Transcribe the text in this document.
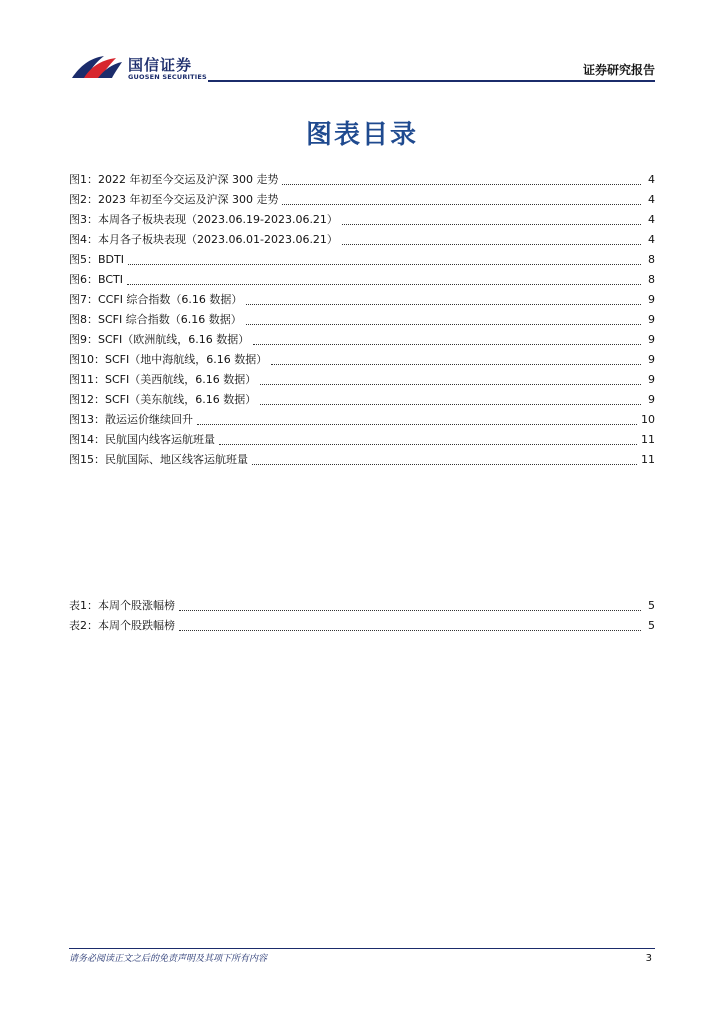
国信证券
GUOSEN SECURITIES	证券研究报告
图表目录
图1： 2022 年初至今交运及沪深 300 走势	4
图2： 2023 年初至今交运及沪深 300 走势	4
图3： 本周各子板块表现（2023.06.19-2023.06.21）	4
图4： 本月各子板块表现（2023.06.01-2023.06.21）	4
图5： BDTI	8
图6： BCTI	8
图7： CCFI 综合指数（6.16 数据）	9
图8： SCFI 综合指数（6.16 数据）	9
图9： SCFI（欧洲航线，6.16 数据）	9
图10： SCFI（地中海航线，6.16 数据）	9
图11： SCFI（美西航线，6.16 数据）	9
图12： SCFI（美东航线，6.16 数据）	9
图13： 散运运价继续回升	10
图14： 民航国内线客运航班量	11
图15： 民航国际、地区线客运航班量	11
表1： 本周个股涨幅榜	5
表2： 本周个股跌幅榜	5
请务必阅读正文之后的免责声明及其项下所有内容	3
